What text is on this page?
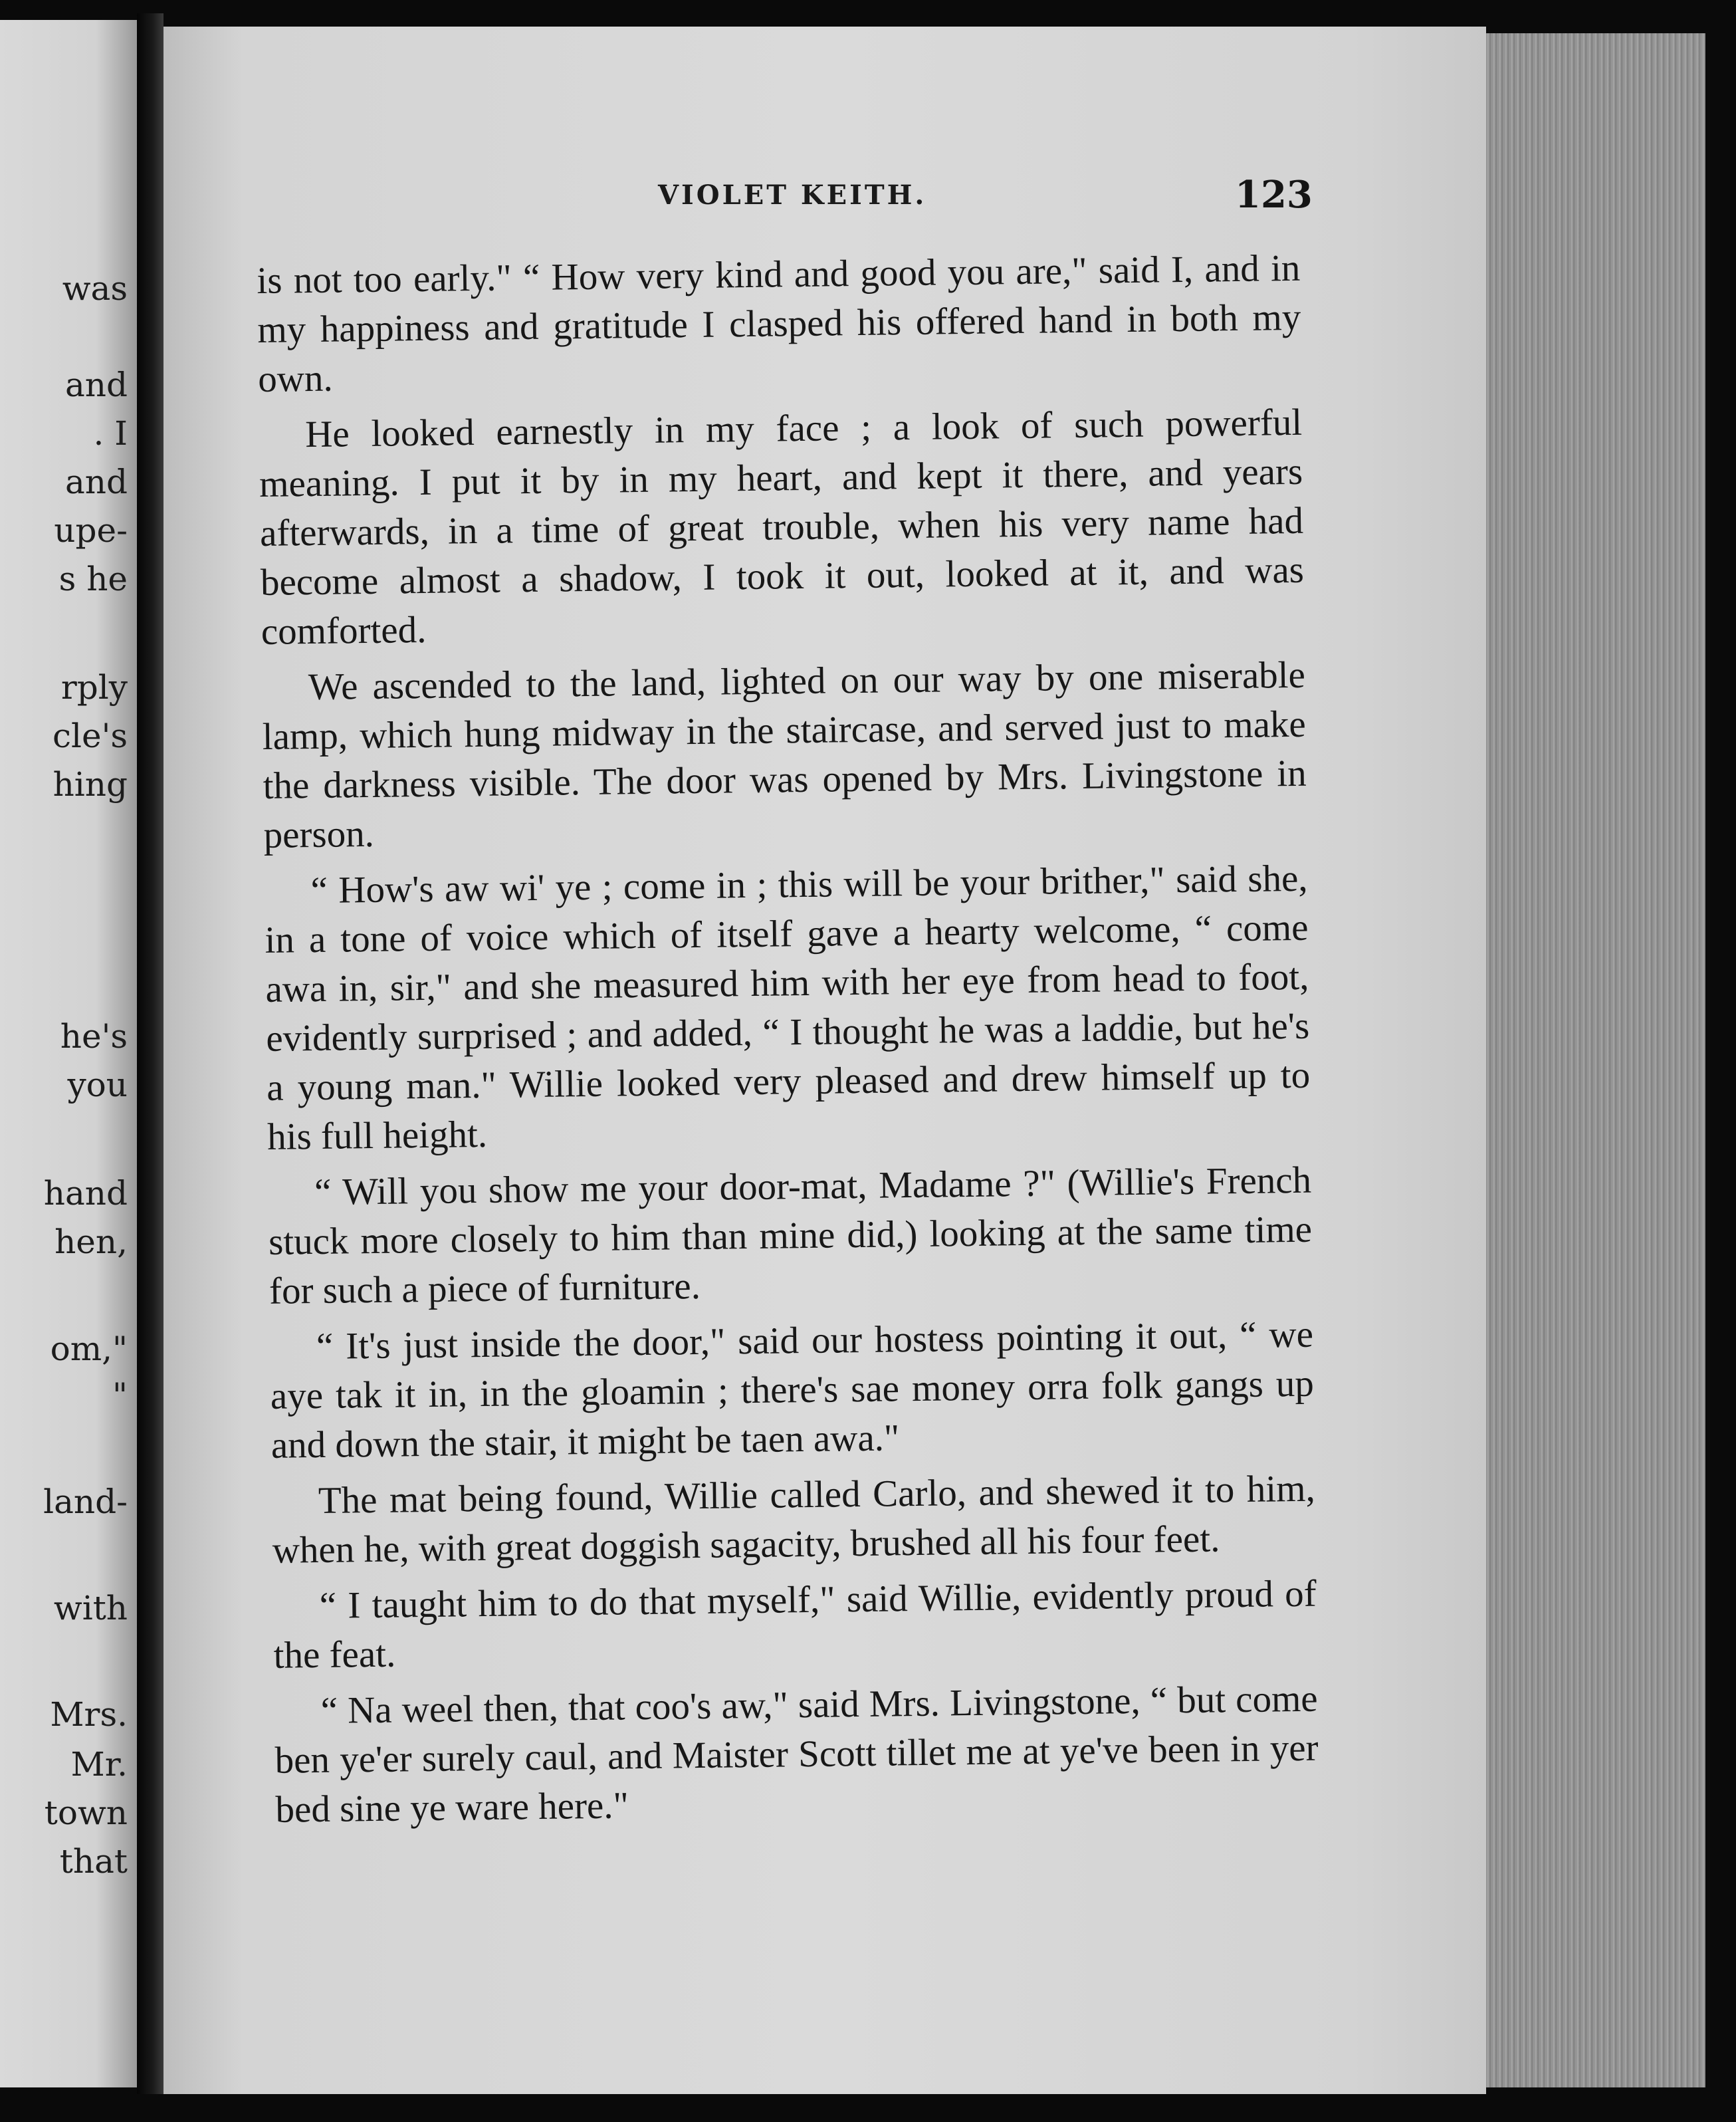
was
and
. I
and
upe-
s he
rply
cle's
hing
he's
you
hand
hen,
om,"
"
land-
with
Mrs.
Mr.
town
that
VIOLET KEITH.	123

is not too early." “ How very kind and good you are," said I, and in my happiness and gratitude I clasped his offered hand in both my own.

He looked earnestly in my face ; a look of such powerful meaning. I put it by in my heart, and kept it there, and years afterwards, in a time of great trouble, when his very name had become almost a shadow, I took it out, looked at it, and was comforted.

We ascended to the land, lighted on our way by one miserable lamp, which hung midway in the staircase, and served just to make the darkness visible. The door was opened by Mrs. Livingstone in person.

“ How's aw wi' ye ; come in ; this will be your brither," said she, in a tone of voice which of itself gave a hearty welcome, “ come awa in, sir," and she measured him with her eye from head to foot, evidently surprised ; and added, “ I thought he was a laddie, but he's a young man." Willie looked very pleased and drew himself up to his full height.

“ Will you show me your door-mat, Madame ?" (Willie's French stuck more closely to him than mine did,) looking at the same time for such a piece of furniture.

“ It's just inside the door," said our hostess pointing it out, “ we aye tak it in, in the gloamin ; there's sae money orra folk gangs up and down the stair, it might be taen awa."

The mat being found, Willie called Carlo, and shewed it to him, when he, with great doggish sagacity, brushed all his four feet.

“ I taught him to do that myself," said Willie, evidently proud of the feat.

“ Na weel then, that coo's aw," said Mrs. Livingstone, “ but come ben ye'er surely caul, and Maister Scott tillet me at ye've been in yer bed sine ye ware here."
